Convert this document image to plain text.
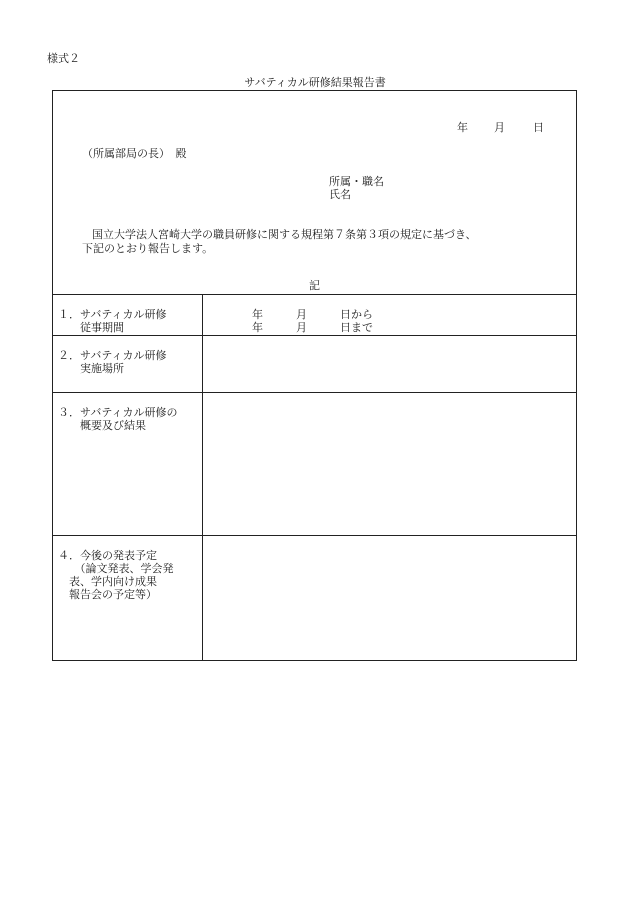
様式２
サバティカル研修結果報告書
年 月	日
（所属部局の長）　殿
所属・職名
氏名
国立大学法人宮崎大学の職員研修に関する規程第７条第３項の規定に基づき、
下記のとおり報告します。
記
１．サバティカル研修
　　従事期間
年　　　月　　　日から
年　　　月　　　日まで
２．サバティカル研修
　　実施場所
３．サバティカル研修の
　　概要及び結果
４．今後の発表予定
　　（論文発表、学会発
　表、学内向け成果
　報告会の予定等）
